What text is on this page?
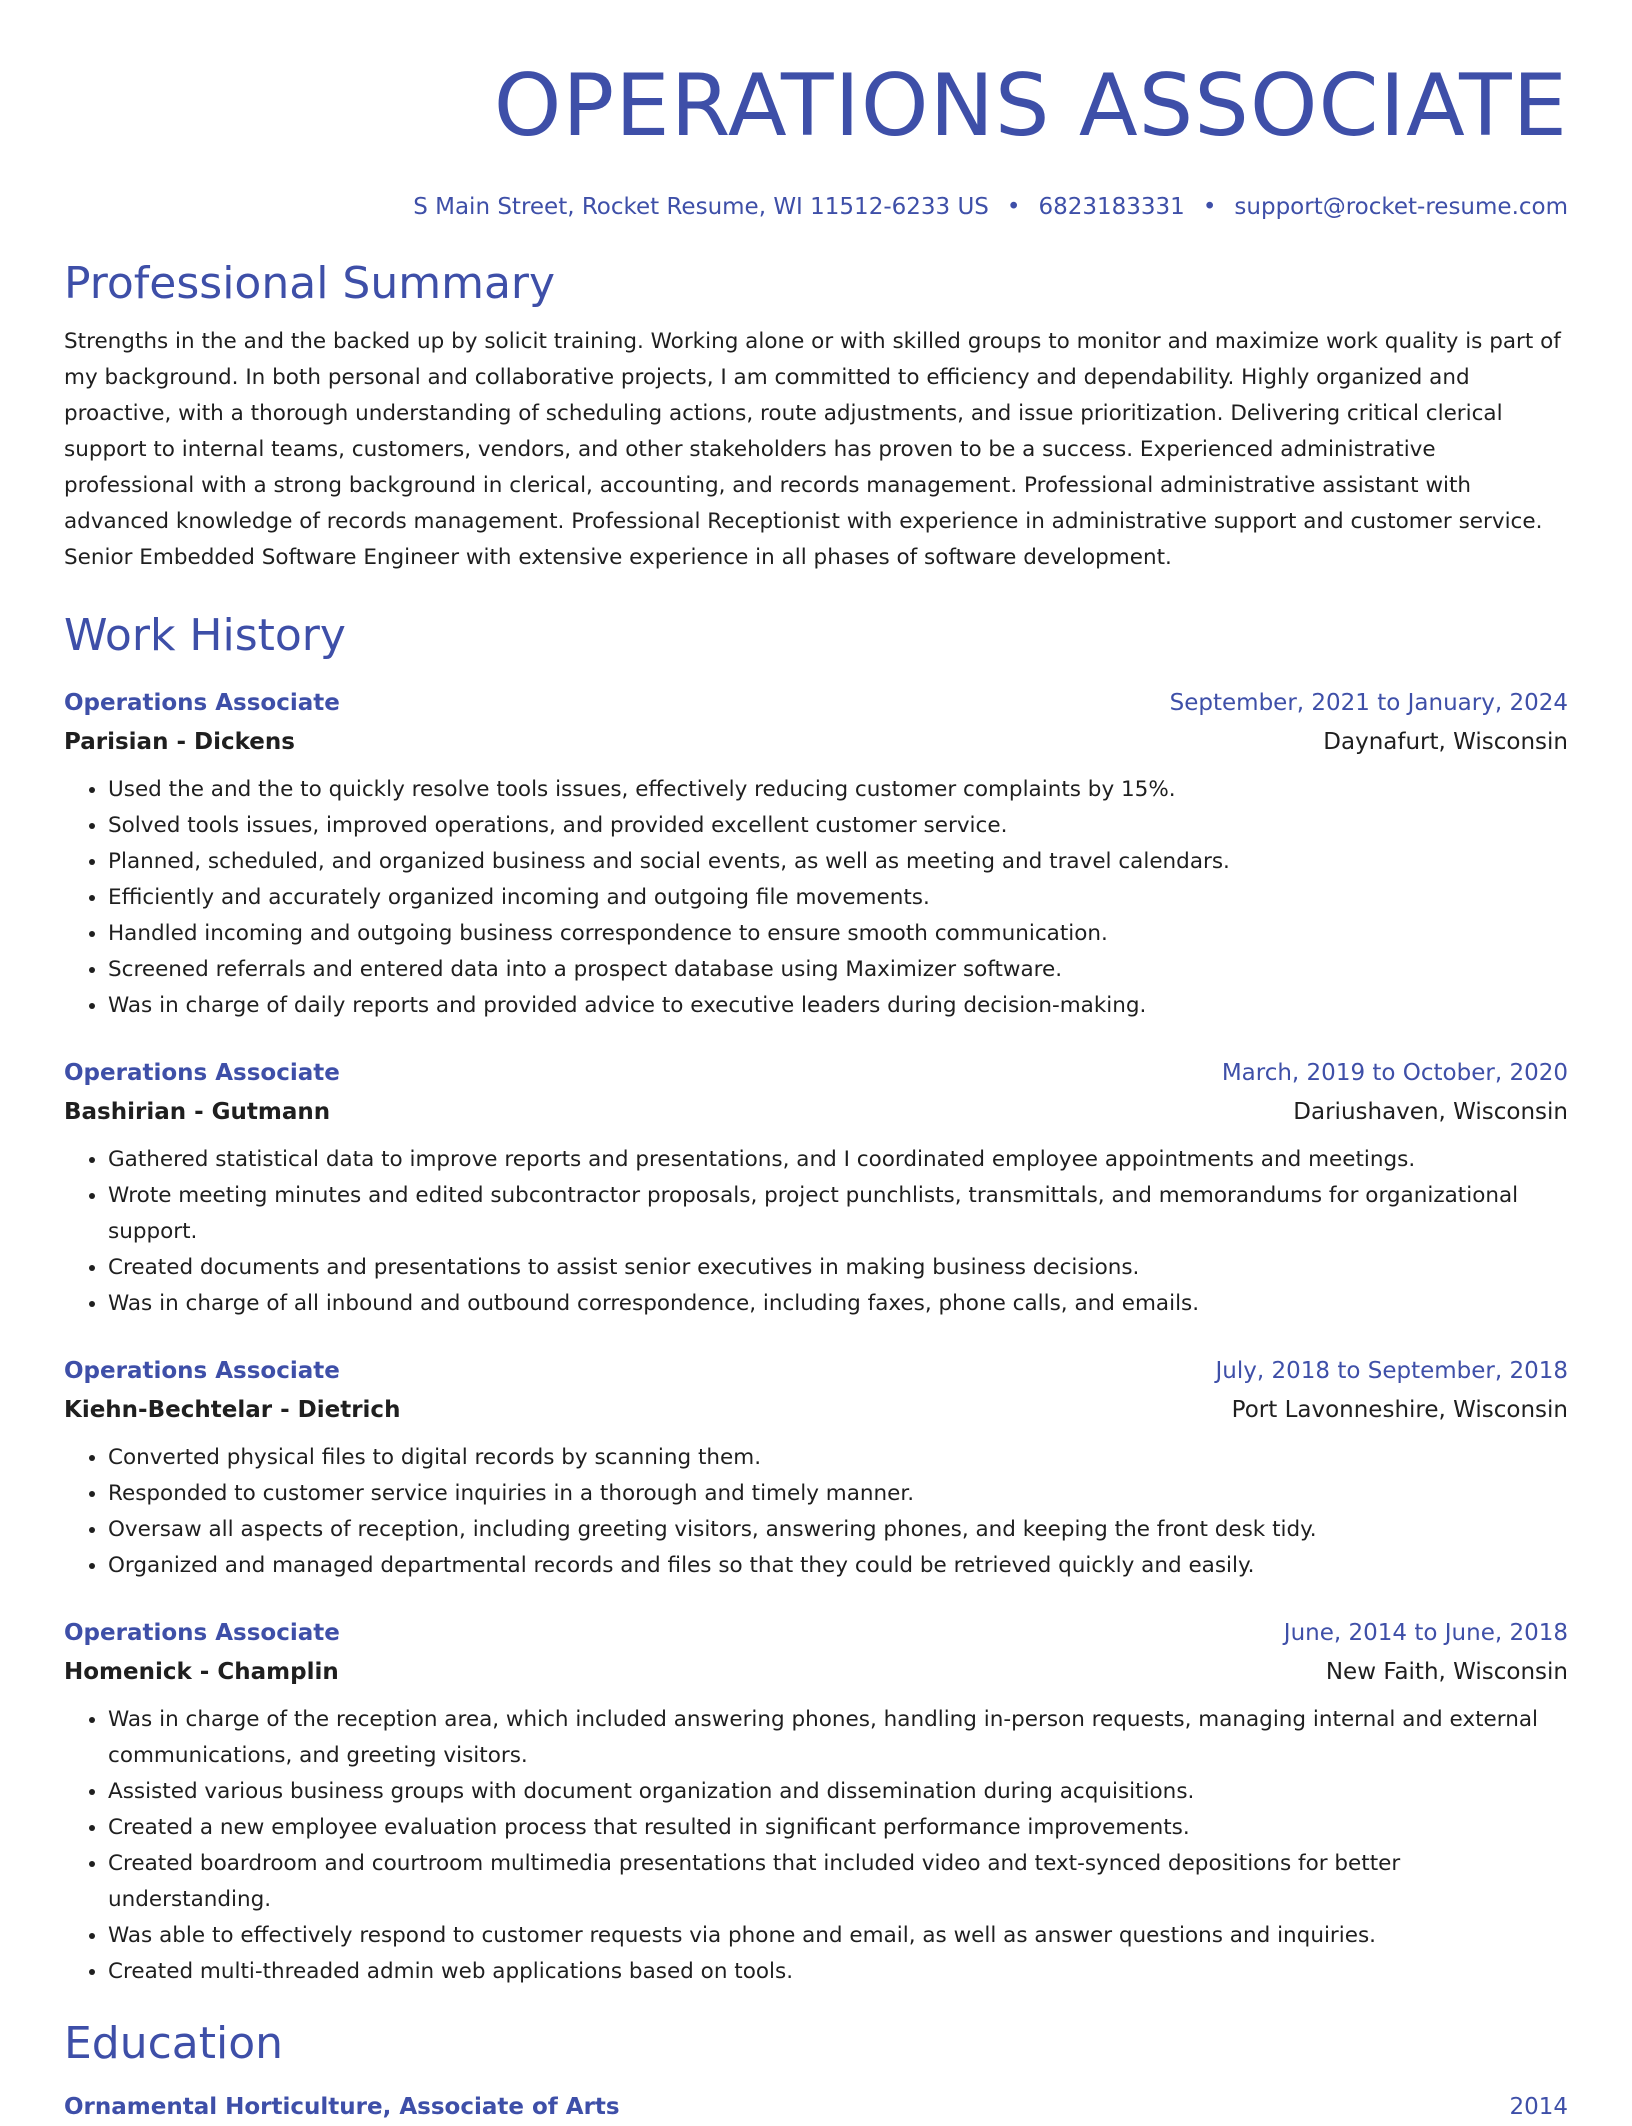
OPERATIONS ASSOCIATE
S Main Street, Rocket Resume, WI 11512-6233 US • 6823183331 • support@rocket-resume.com
Professional Summary

Strengths in the and the backed up by solicit training. Working alone or with skilled groups to monitor and maximize work quality is part of my background. In both personal and collaborative projects, I am committed to efficiency and dependability. Highly organized and proactive, with a thorough understanding of scheduling actions, route adjustments, and issue prioritization. Delivering critical clerical support to internal teams, customers, vendors, and other stakeholders has proven to be a success. Experienced administrative professional with a strong background in clerical, accounting, and records management. Professional administrative assistant with advanced knowledge of records management. Professional Receptionist with experience in administrative support and customer service. Senior Embedded Software Engineer with extensive experience in all phases of software development.

Work History
Operations Associate	September, 2021 to January, 2024
Parisian - Dickens	Daynafurt, Wisconsin
• Used the and the to quickly resolve tools issues, effectively reducing customer complaints by 15%.
• Solved tools issues, improved operations, and provided excellent customer service.
• Planned, scheduled, and organized business and social events, as well as meeting and travel calendars.
• Efficiently and accurately organized incoming and outgoing file movements.
• Handled incoming and outgoing business correspondence to ensure smooth communication.
• Screened referrals and entered data into a prospect database using Maximizer software.
• Was in charge of daily reports and provided advice to executive leaders during decision-making.
Operations Associate	March, 2019 to October, 2020
Bashirian - Gutmann	Dariushaven, Wisconsin
• Gathered statistical data to improve reports and presentations, and I coordinated employee appointments and meetings.
• Wrote meeting minutes and edited subcontractor proposals, project punchlists, transmittals, and memorandums for organizational support.
• Created documents and presentations to assist senior executives in making business decisions.
• Was in charge of all inbound and outbound correspondence, including faxes, phone calls, and emails.
Operations Associate	July, 2018 to September, 2018
Kiehn-Bechtelar - Dietrich	Port Lavonneshire, Wisconsin
• Converted physical files to digital records by scanning them.
• Responded to customer service inquiries in a thorough and timely manner.
• Oversaw all aspects of reception, including greeting visitors, answering phones, and keeping the front desk tidy.
• Organized and managed departmental records and files so that they could be retrieved quickly and easily.
Operations Associate	June, 2014 to June, 2018
Homenick - Champlin	New Faith, Wisconsin
• Was in charge of the reception area, which included answering phones, handling in-person requests, managing internal and external communications, and greeting visitors.
• Assisted various business groups with document organization and dissemination during acquisitions.
• Created a new employee evaluation process that resulted in significant performance improvements.
• Created boardroom and courtroom multimedia presentations that included video and text-synced depositions for better understanding.
• Was able to effectively respond to customer requests via phone and email, as well as answer questions and inquiries.
• Created multi-threaded admin web applications based on tools.
Education
Ornamental Horticulture, Associate of Arts	2014
